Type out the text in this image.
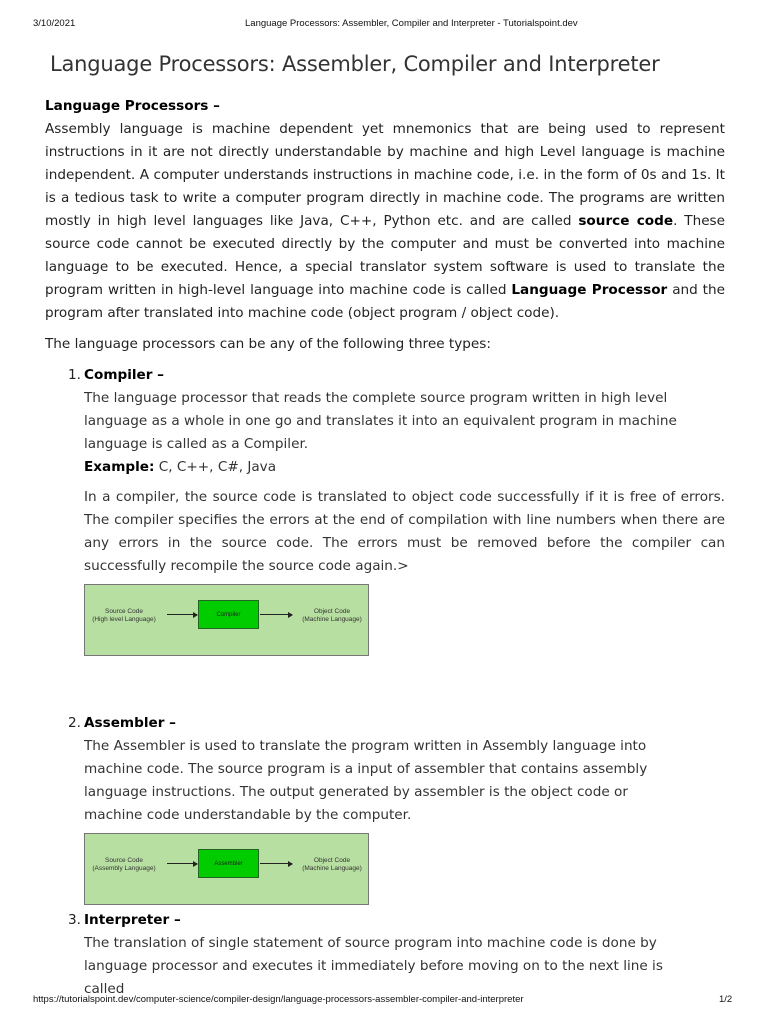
3/10/2021	Language Processors: Assembler, Compiler and Interpreter - Tutorialspoint.dev
Language Processors: Assembler, Compiler and Interpreter
Language Processors –

Assembly language is machine dependent yet mnemonics that are being used to represent instructions in it are not directly understandable by machine and high Level language is machine independent. A computer understands instructions in machine code, i.e. in the form of 0s and 1s. It is a tedious task to write a computer program directly in machine code. The programs are written mostly in high level languages like Java, C++, Python etc. and are called source code. These source code cannot be executed directly by the computer and must be converted into machine language to be executed. Hence, a special translator system software is used to translate the program written in high-level language into machine code is called Language Processor and the program after translated into machine code (object program / object code).

The language processors can be any of the following three types:

1. Compiler –

The language processor that reads the complete source program written in high level language as a whole in one go and translates it into an equivalent program in machine language is called as a Compiler.

Example: C, C++, C#, Java

In a compiler, the source code is translated to object code successfully if it is free of errors. The compiler specifies the errors at the end of compilation with line numbers when there are any errors in the source code. The errors must be removed before the compiler can successfully recompile the source code again.>

Source Code
(High level Language)
Compiler	Object Code
(Machine Language)
2. Assembler –

The Assembler is used to translate the program written in Assembly language into machine code. The source program is a input of assembler that contains assembly language instructions. The output generated by assembler is the object code or machine code understandable by the computer.

Source Code
(Assembly Language)
Assembler	Object Code
(Machine Language)
3. Interpreter –

The translation of single statement of source program into machine code is done by language processor and executes it immediately before moving on to the next line is called

https://tutorialspoint.dev/computer-science/compiler-design/language-processors-assembler-compiler-and-interpreter	1/2
